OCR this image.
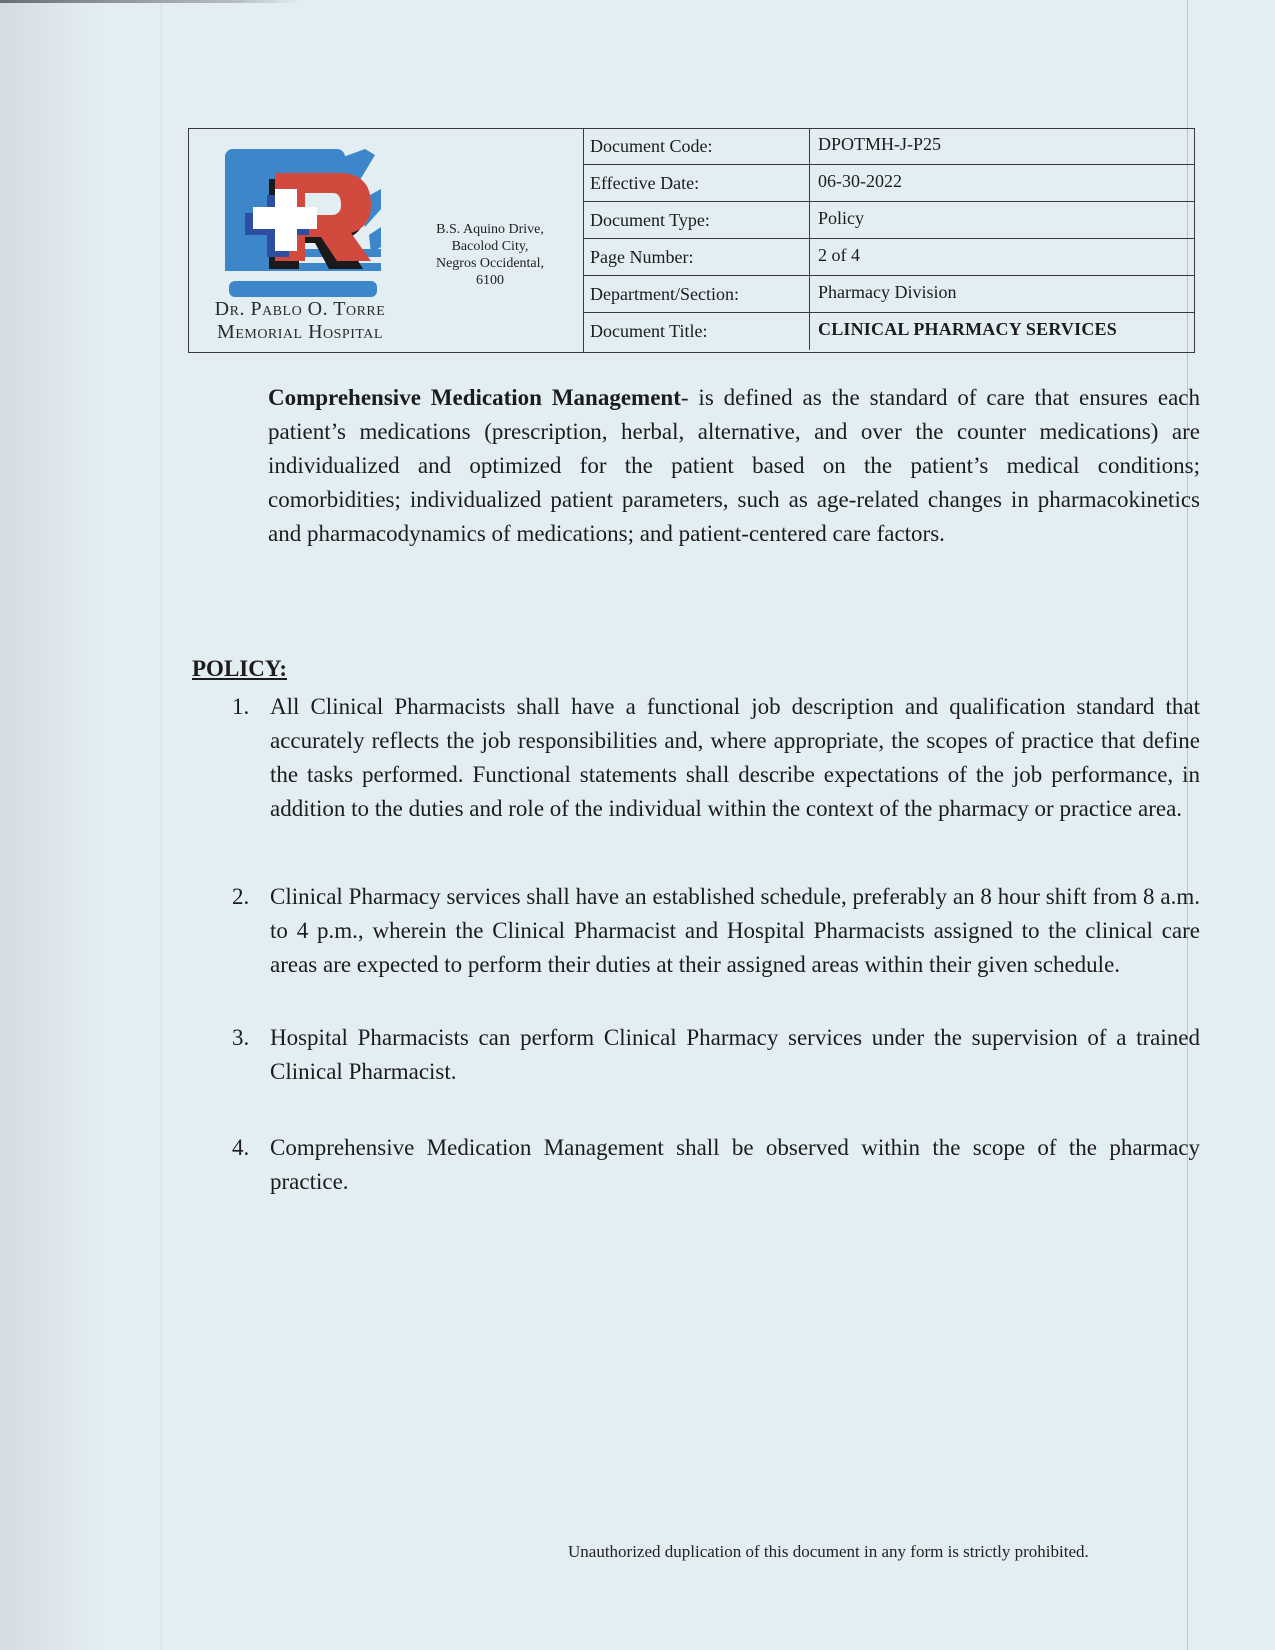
Dr. Pablo O. Torre
Memorial Hospital
B.S. Aquino Drive,
Bacolod City,
Negros Occidental,
6100
Document Code:	DPOTMH-J-P25
Effective Date:	06-30-2022
Document Type:	Policy
Page Number:	2 of 4
Department/Section:	Pharmacy Division
Document Title:	CLINICAL PHARMACY SERVICES
Comprehensive Medication Management- is defined as the standard of care that ensures each patient’s medications (prescription, herbal, alternative, and over the counter medications) are individualized and optimized for the patient based on the patient’s medical conditions; comorbidities; individualized patient parameters, such as age-related changes in pharmacokinetics and pharmacodynamics of medications; and patient-centered care factors.
POLICY:
1. All Clinical Pharmacists shall have a functional job description and qualification standard that accurately reflects the job responsibilities and, where appropriate, the scopes of practice that define the tasks performed. Functional statements shall describe expectations of the job performance, in addition to the duties and role of the individual within the context of the pharmacy or practice area.
2. Clinical Pharmacy services shall have an established schedule, preferably an 8 hour shift from 8 a.m. to 4 p.m., wherein the Clinical Pharmacist and Hospital Pharmacists assigned to the clinical care areas are expected to perform their duties at their assigned areas within their given schedule.
3. Hospital Pharmacists can perform Clinical Pharmacy services under the supervision of a trained Clinical Pharmacist.
4. Comprehensive Medication Management shall be observed within the scope of the pharmacy practice.
Unauthorized duplication of this document in any form is strictly prohibited.
